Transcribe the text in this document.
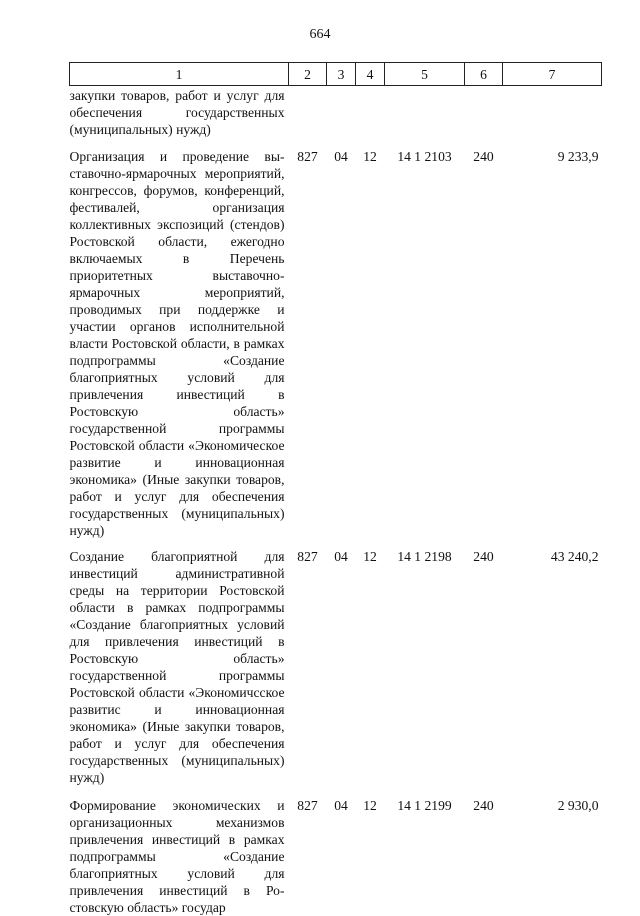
664
1	2	3	4	5	6	7
закупки товаров, работ и услуг для обеспечения государственных (муниципальных) нужд)						
Организация и проведение выставочно-ярмарочных мероприятий, конгрессов, форумов, конференций, фестивалей, организация коллективных экспозиций (стендов) Ростовской области, ежегодно включаемых в Перечень приоритетных выставочно-ярмарочных мероприятий, проводимых при поддержке и участии органов исполнительной власти Ростовской области, в рамках подпрограммы «Создание благоприятных условий для привлечения инвестиций в Ростовскую область» государственной программы Ростовской области «Экономическое развитие и инновационная экономика» (Иные закупки товаров, работ и услуг для обеспечения государственных (муниципальных) нужд)	827	04	12	14 1 2103	240	9 233,9
Создание благоприятной для инвестиций административной среды на территории Ростовской области в рамках подпрограммы «Создание благоприятных условий для привлечения инвестиций в Ростовскую область» государственной программы Ростовской области «Экономичсское развитис и инновационная экономика» (Иные закупки товаров, работ и услуг для обеспечения государственных (муниципальных) нужд)	827	04	12	14 1 2198	240	43 240,2
Формирование экономических и организационных механизмов привлечения инвестиций в рамках подпрограммы «Создание благоприятных условий для привлечения инвестиций в Ростовскую область» государ	827	04	12	14 1 2199	240	2 930,0
